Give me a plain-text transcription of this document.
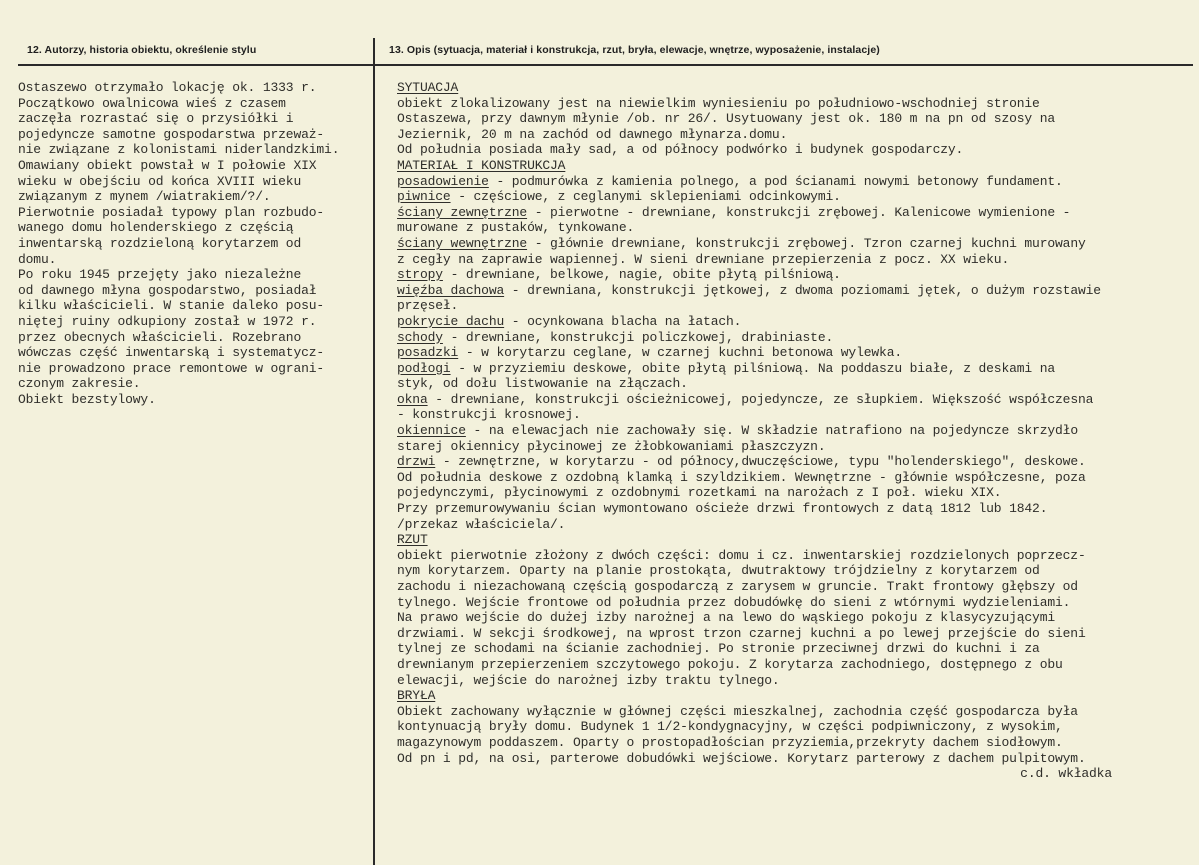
12. Autorzy, historia obiektu, określenie stylu	13. Opis (sytuacja, materiał i konstrukcja, rzut, bryła, elewacje, wnętrze, wyposażenie, instalacje)
Ostaszewo otrzymało lokację ok. 1333 r.
Początkowo owalnicowa wieś z czasem
zaczęła rozrastać się o przysiółki i
pojedyncze samotne gospodarstwa przeważ-
nie związane z kolonistami niderlandzkimi.
Omawiany obiekt powstał w I połowie XIX
wieku w obejściu od końca XVIII wieku
związanym z mynem /wiatrakiem/?/.
Pierwotnie posiadał typowy plan rozbudo-
wanego domu holenderskiego z częścią
inwentarską rozdzieloną korytarzem od
domu.
Po roku 1945 przejęty jako niezależne
od dawnego młyna gospodarstwo, posiadał
kilku właścicieli. W stanie daleko posu-
niętej ruiny odkupiony został w 1972 r.
przez obecnych właścicieli. Rozebrano
wówczas część inwentarską i systematycz-
nie prowadzono prace remontowe w ograni-
czonym zakresie.
Obiekt bezstylowy.
SYTUACJA
obiekt zlokalizowany jest na niewielkim wyniesieniu po południowo-wschodniej stronie
Ostaszewa, przy dawnym młynie /ob. nr 26/. Usytuowany jest ok. 180 m na pn od szosy na
Jeziernik, 20 m na zachód od dawnego młynarza.domu.
Od południa posiada mały sad, a od północy podwórko i budynek gospodarczy.
MATERIAŁ I KONSTRUKCJA
posadowienie - podmurówka z kamienia polnego, a pod ścianami nowymi betonowy fundament.
piwnice - częściowe, z ceglanymi sklepieniami odcinkowymi.
ściany zewnętrzne - pierwotne - drewniane, konstrukcji zrębowej. Kalenicowe wymienione -
murowane z pustaków, tynkowane.
ściany wewnętrzne - głównie drewniane, konstrukcji zrębowej. Tzron czarnej kuchni murowany
z cegły na zaprawie wapiennej. W sieni drewniane przepierzenia z pocz. XX wieku.
stropy - drewniane, belkowe, nagie, obite płytą pilśniową.
więźba dachowa - drewniana, konstrukcji jętkowej, z dwoma poziomami jętek, o dużym rozstawie
przęseł.
pokrycie dachu - ocynkowana blacha na łatach.
schody - drewniane, konstrukcji policzkowej, drabiniaste.
posadzki - w korytarzu ceglane, w czarnej kuchni betonowa wylewka.
podłogi - w przyziemiu deskowe, obite płytą pilśniową. Na poddaszu białe, z deskami na
styk, od dołu listwowanie na złączach.
okna - drewniane, konstrukcji ościeżnicowej, pojedyncze, ze słupkiem. Większość współczesna
- konstrukcji krosnowej.
okiennice - na elewacjach nie zachowały się. W składzie natrafiono na pojedyncze skrzydło
starej okiennicy płycinowej ze żłobkowaniami płaszczyzn.
drzwi - zewnętrzne, w korytarzu - od północy,dwuczęściowe, typu "holenderskiego", deskowe.
Od południa deskowe z ozdobną klamką i szyldzikiem. Wewnętrzne - głównie współczesne, poza
pojedynczymi, płycinowymi z ozdobnymi rozetkami na narożach z I poł. wieku XIX.
Przy przemurowywaniu ścian wymontowano ościeże drzwi frontowych z datą 1812 lub 1842.
/przekaz właściciela/.
RZUT
obiekt pierwotnie złożony z dwóch części: domu i cz. inwentarskiej rozdzielonych poprzecz-
nym korytarzem. Oparty na planie prostokąta, dwutraktowy trójdzielny z korytarzem od
zachodu i niezachowaną częścią gospodarczą z zarysem w gruncie. Trakt frontowy głębszy od
tylnego. Wejście frontowe od południa przez dobudówkę do sieni z wtórnymi wydzieleniami.
Na prawo wejście do dużej izby narożnej a na lewo do wąskiego pokoju z klasycyzującymi
drzwiami. W sekcji środkowej, na wprost trzon czarnej kuchni a po lewej przejście do sieni
tylnej ze schodami na ścianie zachodniej. Po stronie przeciwnej drzwi do kuchni i za
drewnianym przepierzeniem szczytowego pokoju. Z korytarza zachodniego, dostępnego z obu
elewacji, wejście do narożnej izby traktu tylnego.
BRYŁA
Obiekt zachowany wyłącznie w głównej części mieszkalnej, zachodnia część gospodarcza była
kontynuacją bryły domu. Budynek 1 1/2-kondygnacyjny, w części podpiwniczony, z wysokim,
magazynowym poddaszem. Oparty o prostopadłościan przyziemia,przekryty dachem siodłowym.
Od pn i pd, na osi, parterowe dobudówki wejściowe. Korytarz parterowy z dachem pulpitowym.
c.d. wkładka
